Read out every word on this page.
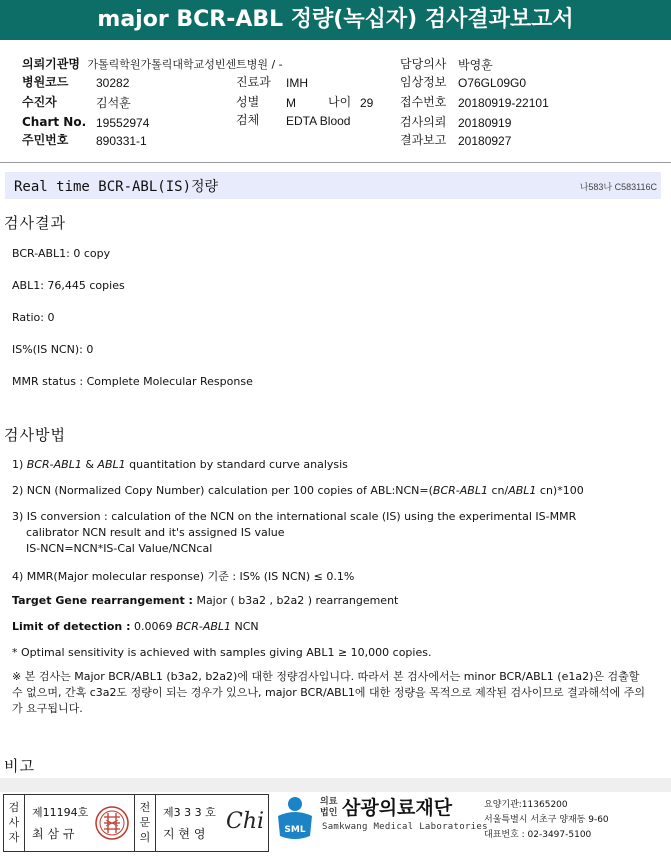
major BCR-ABL 정량(녹십자) 검사결과보고서
의뢰기관명 가톨릭학원가톨릭대학교성빈센트병원 / -
병원코드 30282
수진자	김석훈
Chart No. 19552974
주민번호 890331-1
진료과 IMH
성별 M	나이 29
검체 EDTA Blood
담당의사 박영훈
임상정보 O76GL09G0
접수번호 20180919-22101
검사의뢰 20180919
결과보고 20180927
Real time BCR-ABL(IS)정량	나583나 C583116C
검사결과
BCR-ABL1: 0 copy
ABL1: 76,445 copies
Ratio: 0
IS%(IS NCN): 0
MMR status : Complete Molecular Response
검사방법
1) BCR-ABL1 & ABL1 quantitation by standard curve analysis
2) NCN (Normalized Copy Number) calculation per 100 copies of ABL:NCN=(BCR-ABL1 cn/ABL1 cn)*100
3) IS conversion : calculation of the NCN on the international scale (IS) using the experimental IS-MMR
calibrator NCN result and it's assigned IS value
IS-NCN=NCN*IS-Cal Value/NCNcal
4) MMR(Major molecular response) 기준 : IS% (IS NCN) ≤ 0.1%
Target Gene rearrangement : Major ( b3a2 , b2a2 ) rearrangement
Limit of detection : 0.0069 BCR-ABL1 NCN
* Optimal sensitivity is achieved with samples giving ABL1 ≥ 10,000 copies.
※ 본 검사는 Major BCR/ABL1 (b3a2, b2a2)에 대한 정량검사입니다. 따라서 본 검사에서는 minor BCR/ABL1 (e1a2)은 검출할 수 없으며, 간혹 c3a2도 정량이 되는 경우가 있으나, major BCR/ABL1에 대한 정량을 목적으로 제작된 검사이므로 결과해석에 주의가 요구됩니다.
비고
검
사
자
제11194호
최 삼 규
전
문
의
제3 3 3 호
지 현 영 Chi SML
의료
법인 삼광의료재단
Samkwang Medical Laboratories
요양기관:11365200
서울특별시 서초구 양재동 9-60
대표번호 : 02-3497-5100
